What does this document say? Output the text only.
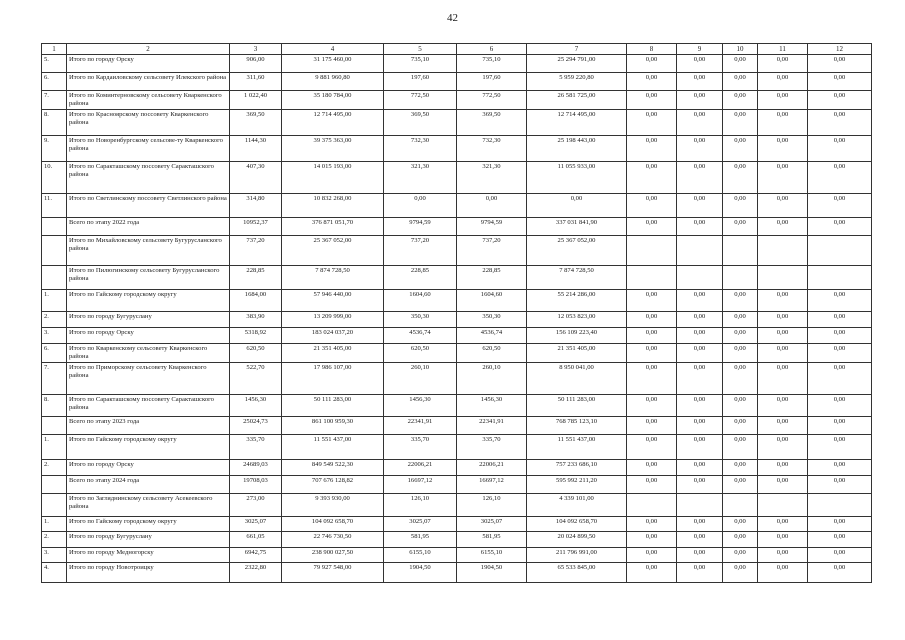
42
1	2	3	4	5	6	7	8	9	10	11	12
5.	Итого по городу Орску	906,00	31 175 460,00	735,10	735,10	25 294 791,00	0,00	0,00	0,00	0,00	0,00
6.	Итого по Кардаиловскому сельсовету Илекского района	311,60	9 881 960,80	197,60	197,60	5 959 220,80	0,00	0,00	0,00	0,00	0,00
7.	Итого по Коминтерновскому сельсовету Кваркенского района	1 022,40	35 180 784,00	772,50	772,50	26 581 725,00	0,00	0,00	0,00	0,00	0,00
8.	Итого по Красноярскому поссовету Кваркенского района	369,50	12 714 495,00	369,50	369,50	12 714 495,00	0,00	0,00	0,00	0,00	0,00
9.	Итого по Новоренбургскому сельсове-ту Кваркенского района	1144,30	39 375 363,00	732,30	732,30	25 198 443,00	0,00	0,00	0,00	0,00	0,00
10.	Итого по Саракташскому поссовету Саракташского района	407,30	14 015 193,00	321,30	321,30	11 055 933,00	0,00	0,00	0,00	0,00	0,00
11.	Итого по Светлинскому поссовету Светлинского района	314,80	10 832 268,00	0,00	0,00	0,00	0,00	0,00	0,00	0,00	0,00
	Всего по этапу 2022 года	10952,37	376 871 051,70	9794,59	9794,59	337 031 841,90	0,00	0,00	0,00	0,00	0,00
	Итого по Михайловскому сельсовету Бугурусланского района	737,20	25 367 052,00	737,20	737,20	25 367 052,00					
	Итого по Пилюгинскому сельсовету Бугурусланского района	228,85	7 874 728,50	228,85	228,85	7 874 728,50					
1.	Итого по Гайскому городскому округу	1684,00	57 946 440,00	1604,60	1604,60	55 214 286,00	0,00	0,00	0,00	0,00	0,00
2.	Итого по городу Бугуруслану	383,90	13 209 999,00	350,30	350,30	12 053 823,00	0,00	0,00	0,00	0,00	0,00
3.	Итого по городу Орску	5318,92	183 024 037,20	4536,74	4536,74	156 109 223,40	0,00	0,00	0,00	0,00	0,00
6.	Итого по Кваркенскому сельсовету Кваркенского района	620,50	21 351 405,00	620,50	620,50	21 351 405,00	0,00	0,00	0,00	0,00	0,00
7.	Итого по Приморскому сельсовету Кваркенского района	522,70	17 986 107,00	260,10	260,10	8 950 041,00	0,00	0,00	0,00	0,00	0,00
8.	Итого по Саракташскому поссовету Саракташского района	1456,30	50 111 283,00	1456,30	1456,30	50 111 283,00	0,00	0,00	0,00	0,00	0,00
	Всего по этапу 2023 года	25024,73	861 100 959,30	22341,91	22341,91	768 785 123,10	0,00	0,00	0,00	0,00	0,00
1.	Итого по Гайскому городскому округу	335,70	11 551 437,00	335,70	335,70	11 551 437,00	0,00	0,00	0,00	0,00	0,00
2.	Итого по городу Орску	24689,03	849 549 522,30	22006,21	22006,21	757 233 686,10	0,00	0,00	0,00	0,00	0,00
	Всего по этапу 2024 года	19708,03	707 676 128,82	16697,12	16697,12	595 992 211,20	0,00	0,00	0,00	0,00	0,00
	Итого по Загляднинскому сельсовету Асекеевского района	273,00	9 393 930,00	126,10	126,10	4 339 101,00					
1.	Итого по Гайскому городскому округу	3025,07	104 092 658,70	3025,07	3025,07	104 092 658,70	0,00	0,00	0,00	0,00	0,00
2.	Итого по городу Бугуруслану	661,05	22 746 730,50	581,95	581,95	20 024 899,50	0,00	0,00	0,00	0,00	0,00
3.	Итого по городу Медногорску	6942,75	238 900 027,50	6155,10	6155,10	211 796 991,00	0,00	0,00	0,00	0,00	0,00
4.	Итого по городу Новотроицку	2322,80	79 927 548,00	1904,50	1904,50	65 533 845,00	0,00	0,00	0,00	0,00	0,00
